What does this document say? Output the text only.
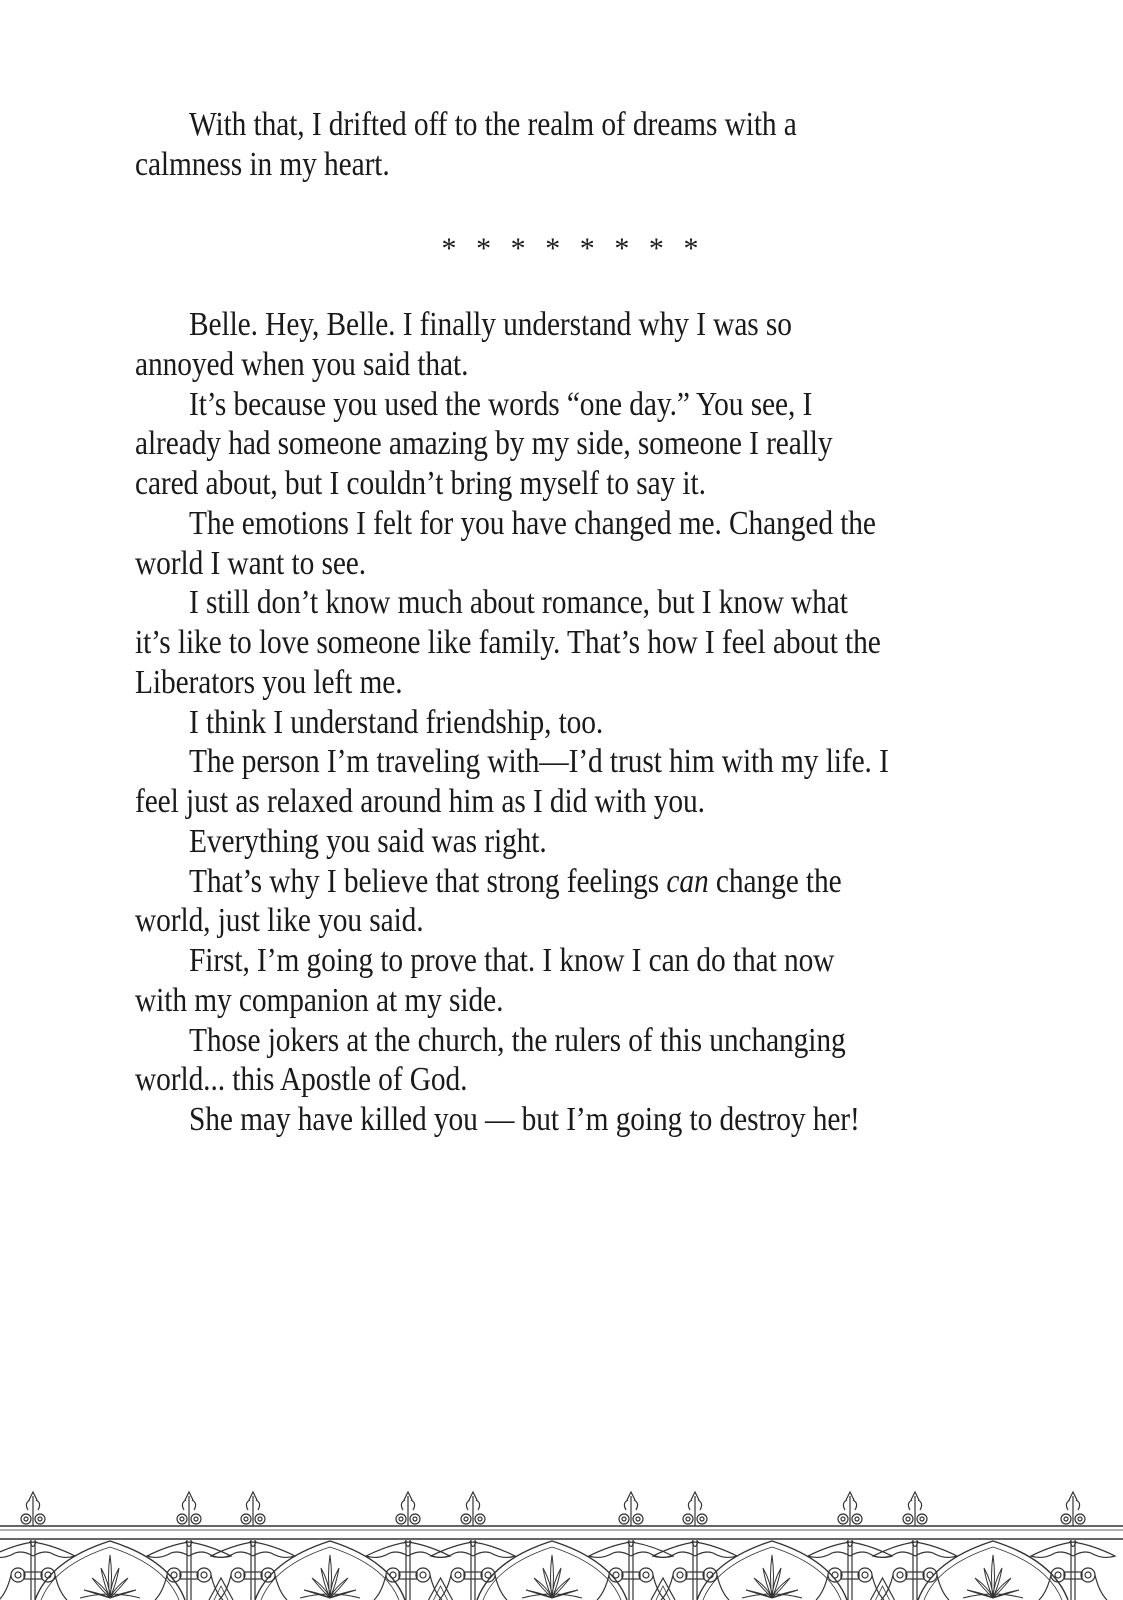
With that, I drifted off to the realm of dreams with a
calmness in my heart.
* * * * * * * *
Belle. Hey, Belle. I finally understand why I was so
annoyed when you said that.
It’s because you used the words “one day.” You see, I
already had someone amazing by my side, someone I really
cared about, but I couldn’t bring myself to say it.
The emotions I felt for you have changed me. Changed the
world I want to see.
I still don’t know much about romance, but I know what
it’s like to love someone like family. That’s how I feel about the
Liberators you left me.
I think I understand friendship, too.
The person I’m traveling with—I’d trust him with my life. I
feel just as relaxed around him as I did with you.
Everything you said was right.
That’s why I believe that strong feelings can change the
world, just like you said.
First, I’m going to prove that. I know I can do that now
with my companion at my side.
Those jokers at the church, the rulers of this unchanging
world... this Apostle of God.
She may have killed you — but I’m going to destroy her!
